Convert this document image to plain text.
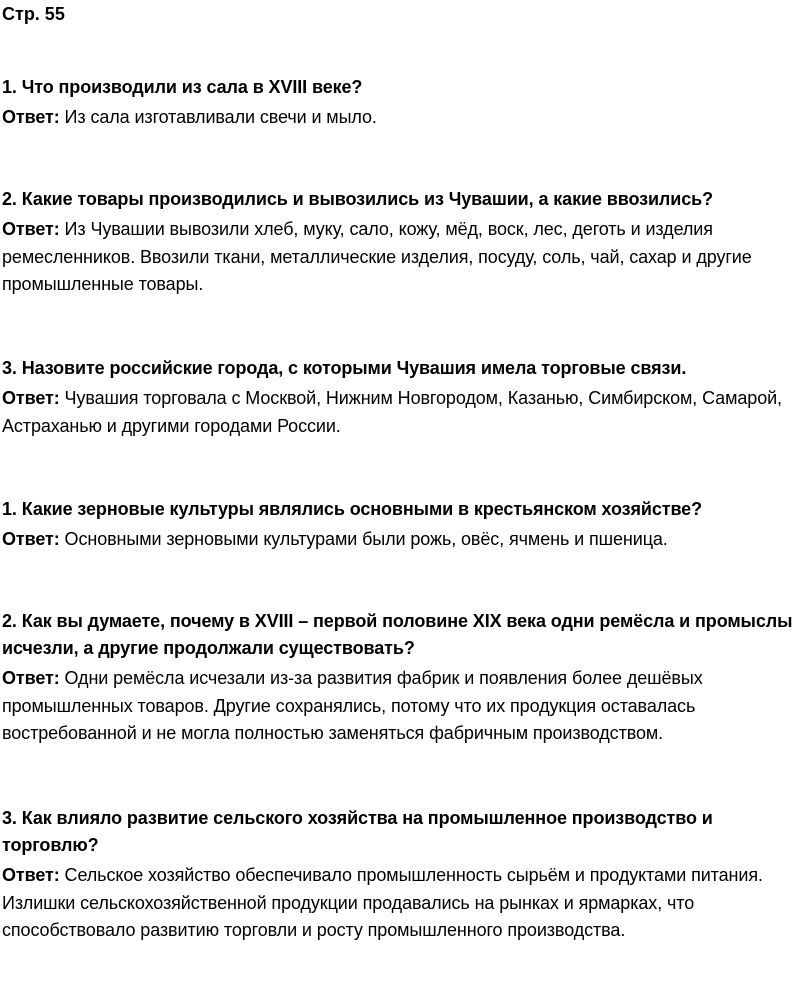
Стр. 55

1. Что производили из сала в XVIII веке?

Ответ: Из сала изготавливали свечи и мыло.

2. Какие товары производились и вывозились из Чувашии, а какие ввозились?

Ответ: Из Чувашии вывозили хлеб, муку, сало, кожу, мёд, воск, лес, деготь и изделия ремесленников. Ввозили ткани, металлические изделия, посуду, соль, чай, сахар и другие промышленные товары.

3. Назовите российские города, с которыми Чувашия имела торговые связи.

Ответ: Чувашия торговала с Москвой, Нижним Новгородом, Казанью, Симбирском, Самарой, Астраханью и другими городами России.

1. Какие зерновые культуры являлись основными в крестьянском хозяйстве?

Ответ: Основными зерновыми культурами были рожь, овёс, ячмень и пшеница.

2. Как вы думаете, почему в XVIII – первой половине XIX века одни ремёсла и промыслы исчезли, а другие продолжали существовать?

Ответ: Одни ремёсла исчезали из-за развития фабрик и появления более дешёвых промышленных товаров. Другие сохранялись, потому что их продукция оставалась востребованной и не могла полностью заменяться фабричным производством.

3. Как влияло развитие сельского хозяйства на промышленное производство и торговлю?

Ответ: Сельское хозяйство обеспечивало промышленность сырьём и продуктами питания. Излишки сельскохозяйственной продукции продавались на рынках и ярмарках, что способствовало развитию торговли и росту промышленного производства.
